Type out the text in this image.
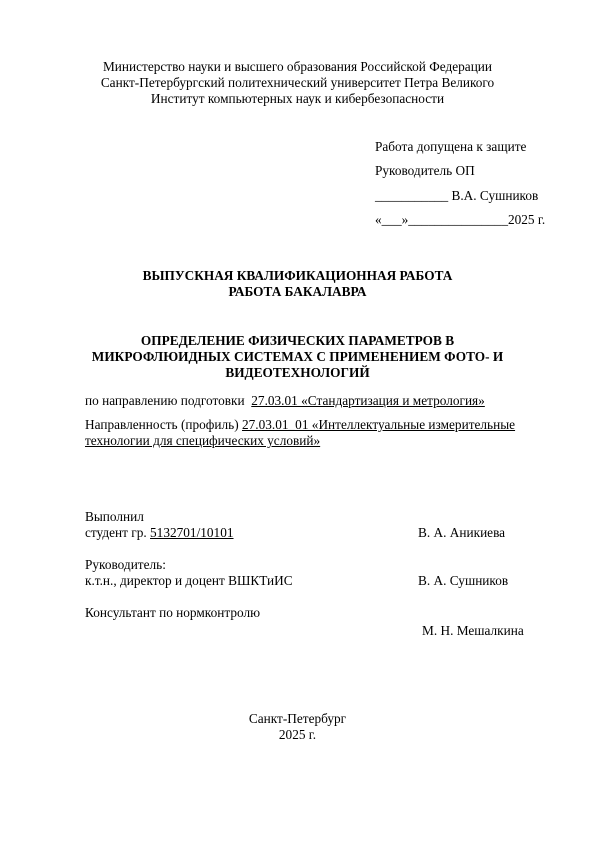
Министерство науки и высшего образования Российской Федерации
Санкт-Петербургский политехнический университет Петра Великого
Институт компьютерных наук и кибербезопасности
Работа допущена к защите
Руководитель ОП
___________ В.А. Сушников
«___»_______________2025 г.
ВЫПУСКНАЯ КВАЛИФИКАЦИОННАЯ РАБОТА
РАБОТА БАКАЛАВРА
ОПРЕДЕЛЕНИЕ ФИЗИЧЕСКИХ ПАРАМЕТРОВ В
МИКРОФЛЮИДНЫХ СИСТЕМАХ С ПРИМЕНЕНИЕМ ФОТО- И
ВИДЕОТЕХНОЛОГИЙ
по направлению подготовки 27.03.01 «Стандартизация и метрология»
Направленность (профиль) 27.03.01_01 «Интеллектуальные измерительные
технологии для специфических условий»
Выполнил
студент гр. 5132701/10101	В. А. Аникиева
Руководитель:
к.т.н., директор и доцент ВШКТиИС	В. А. Сушников
Консультант по нормконтролю
М. Н. Мешалкина
Санкт-Петербург
2025 г.
